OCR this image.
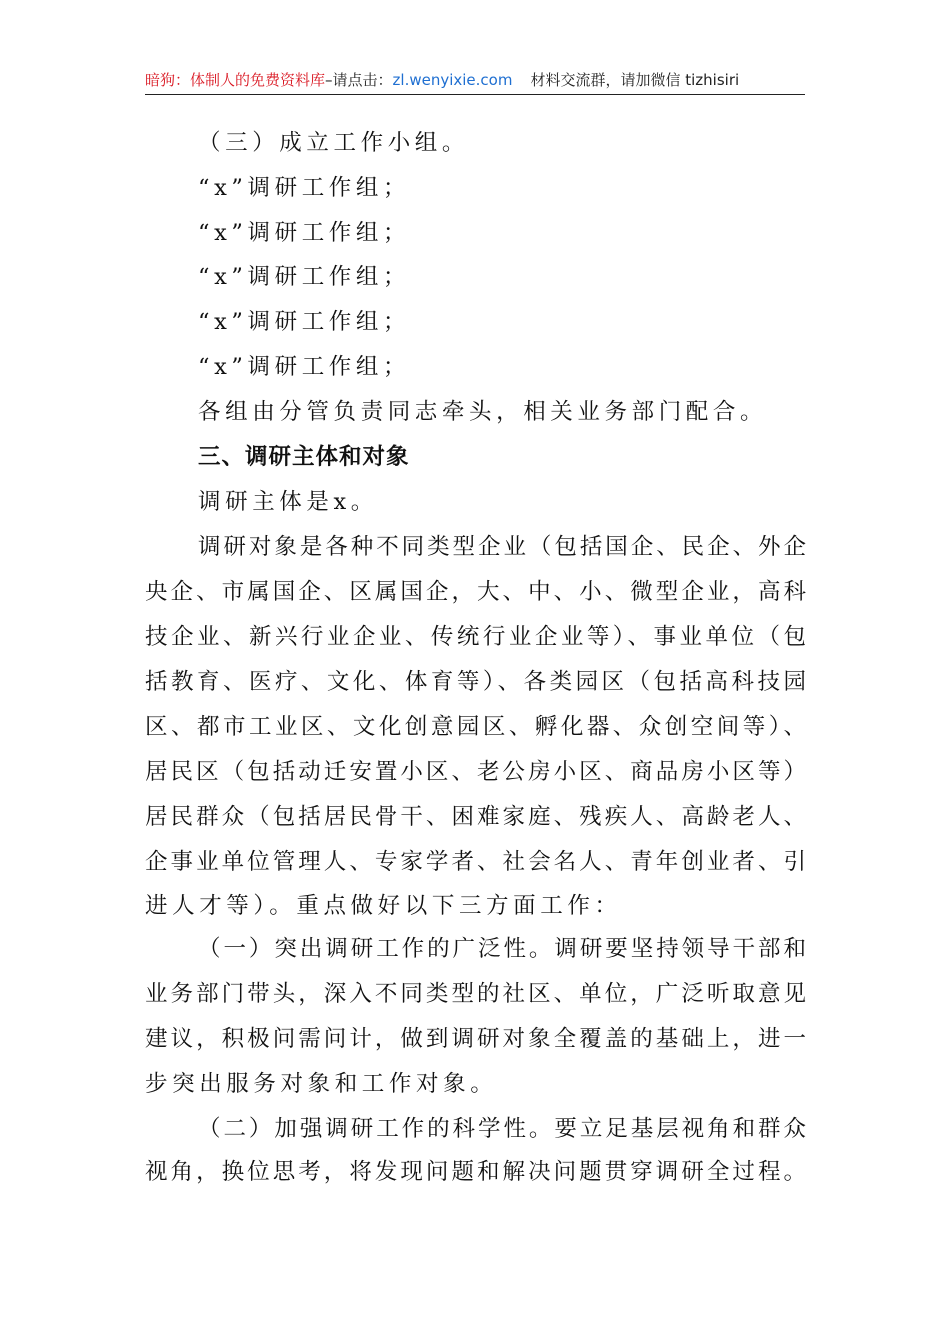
暗狗：体制人的免费资料库–请点击：zl.wenyixie.com 材料交流群，请加微信 tizhisiri
（三）成立工作小组。
“x”调研工作组；
“x”调研工作组；
“x”调研工作组；
“x”调研工作组；
“x”调研工作组；
各组由分管负责同志牵头，相关业务部门配合。
三、调研主体和对象
调研主体是x。
调研对象是各种不同类型企业（包括国企、民企、外企
央企、市属国企、区属国企，大、中、小、微型企业，高科
技企业、新兴行业企业、传统行业企业等）、事业单位（包
括教育、医疗、文化、体育等）、各类园区（包括高科技园
区、都市工业区、文化创意园区、孵化器、众创空间等）、
居民区（包括动迁安置小区、老公房小区、商品房小区等）
居民群众（包括居民骨干、困难家庭、残疾人、高龄老人、
企事业单位管理人、专家学者、社会名人、青年创业者、引
进人才等）。重点做好以下三方面工作：
（一）突出调研工作的广泛性。调研要坚持领导干部和
业务部门带头，深入不同类型的社区、单位，广泛听取意见
建议，积极问需问计，做到调研对象全覆盖的基础上，进一
步突出服务对象和工作对象。
（二）加强调研工作的科学性。要立足基层视角和群众
视角，换位思考，将发现问题和解决问题贯穿调研全过程。
